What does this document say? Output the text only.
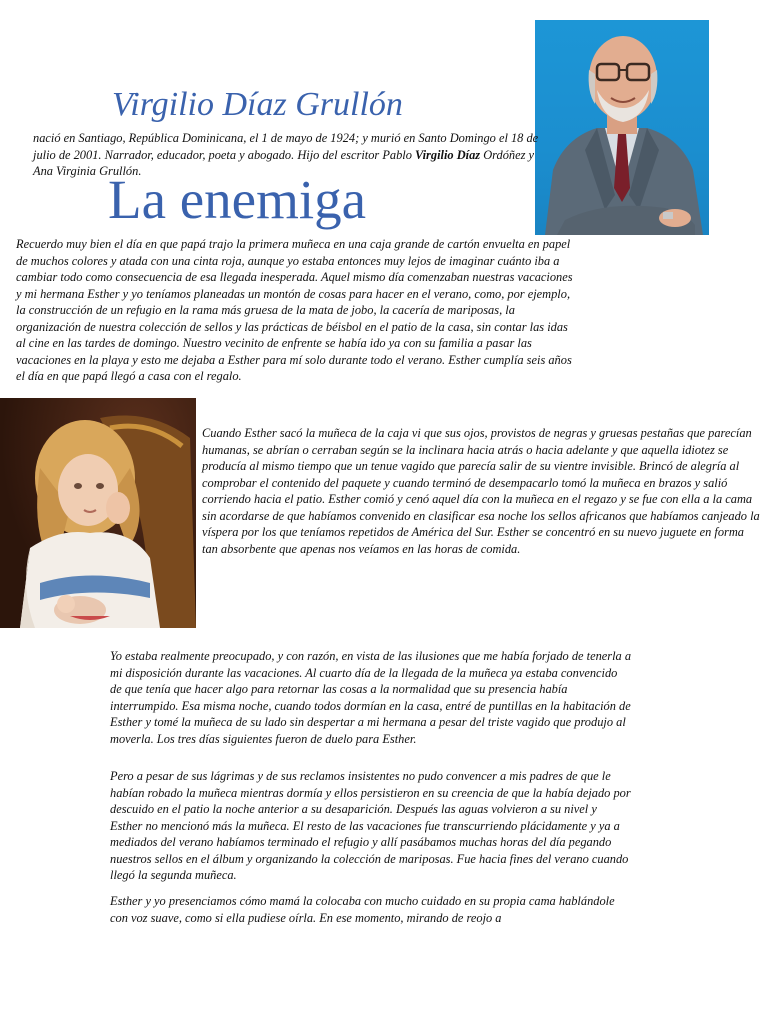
Virgilio Díaz Grullón
nació en Santiago, República Dominicana, el 1 de mayo de 1924; y murió en Santo Domingo el 18 de julio de 2001. Narrador, educador, poeta y abogado. Hijo del escritor Pablo Virgilio Díaz Ordóñez y Ana Virginia Grullón.
La enemiga

Recuerdo muy bien el día en que papá trajo la primera muñeca en una caja grande de cartón envuelta en papel de muchos colores y atada con una cinta roja, aunque yo estaba entonces muy lejos de imaginar cuánto iba a cambiar todo como consecuencia de esa llegada inesperada. Aquel mismo día comenzaban nuestras vacaciones y mi hermana Esther y yo teníamos planeadas un montón de cosas para hacer en el verano, como, por ejemplo, la construcción de un refugio en la rama más gruesa de la mata de jobo, la cacería de mariposas, la organización de nuestra colección de sellos y las prácticas de béisbol en el patio de la casa, sin contar las idas al cine en las tardes de domingo. Nuestro vecinito de enfrente se había ido ya con su familia a pasar las vacaciones en la playa y esto me dejaba a Esther para mí solo durante todo el verano. Esther cumplía seis años el día en que papá llegó a casa con el regalo.

Cuando Esther sacó la muñeca de la caja vi que sus ojos, provistos de negras y gruesas pestañas que parecían humanas, se abrían o cerraban según se la inclinara hacia atrás o hacia adelante y que aquella idiotez se producía al mismo tiempo que un tenue vagido que parecía salir de su vientre invisible. Brincó de alegría al comprobar el contenido del paquete y cuando terminó de desempacarlo tomó la muñeca en brazos y salió corriendo hacia el patio. Esther comió y cenó aquel día con la muñeca en el regazo y se fue con ella a la cama sin acordarse de que habíamos convenido en clasificar esa noche los sellos africanos que habíamos canjeado la víspera por los que teníamos repetidos de América del Sur. Esther se concentró en su nuevo juguete en forma tan absorbente que apenas nos veíamos en las horas de comida.

Yo estaba realmente preocupado, y con razón, en vista de las ilusiones que me había forjado de tenerla a mi disposición durante las vacaciones. Al cuarto día de la llegada de la muñeca ya estaba convencido de que tenía que hacer algo para retornar las cosas a la normalidad que su presencia había interrumpido. Esa misma noche, cuando todos dormían en la casa, entré de puntillas en la habitación de Esther y tomé la muñeca de su lado sin despertar a mi hermana a pesar del triste vagido que produjo al moverla. Los tres días siguientes fueron de duelo para Esther.

Pero a pesar de sus lágrimas y de sus reclamos insistentes no pudo convencer a mis padres de que le habían robado la muñeca mientras dormía y ellos persistieron en su creencia de que la había dejado por descuido en el patio la noche anterior a su desaparición. Después las aguas volvieron a su nivel y Esther no mencionó más la muñeca. El resto de las vacaciones fue transcurriendo plácidamente y ya a mediados del verano habíamos terminado el refugio y allí pasábamos muchas horas del día pegando nuestros sellos en el álbum y organizando la colección de mariposas. Fue hacia fines del verano cuando llegó la segunda muñeca.

Esther y yo presenciamos cómo mamá la colocaba con mucho cuidado en su propia cama hablándole con voz suave, como si ella pudiese oírla. En ese momento, mirando de reojo a
